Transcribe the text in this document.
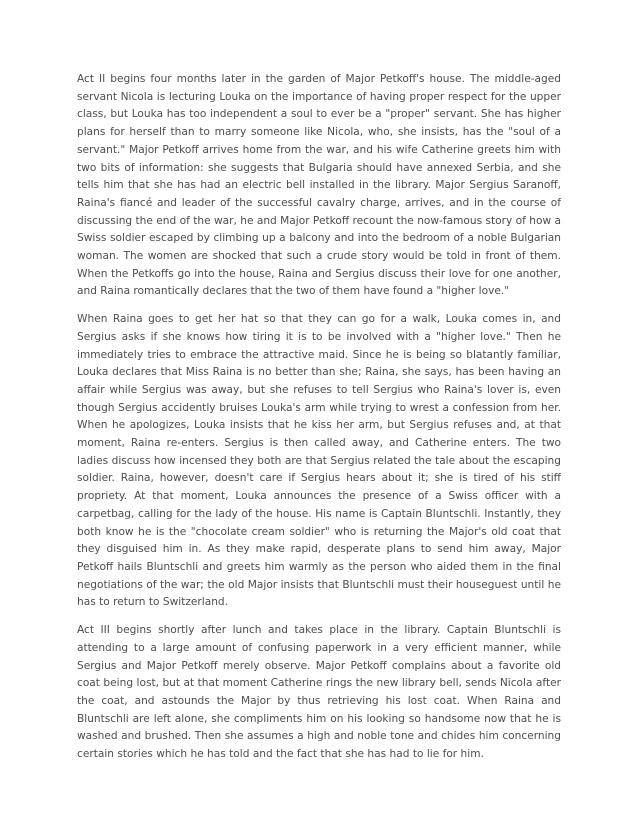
Act II begins four months later in the garden of Major Petkoff's house. The middle-aged servant Nicola is lecturing Louka on the importance of having proper respect for the upper class, but Louka has too independent a soul to ever be a "proper" servant. She has higher plans for herself than to marry someone like Nicola, who, she insists, has the "soul of a servant." Major Petkoff arrives home from the war, and his wife Catherine greets him with two bits of information: she suggests that Bulgaria should have annexed Serbia, and she tells him that she has had an electric bell installed in the library. Major Sergius Saranoff, Raina's fiancé and leader of the successful cavalry charge, arrives, and in the course of discussing the end of the war, he and Major Petkoff recount the now-famous story of how a Swiss soldier escaped by climbing up a balcony and into the bedroom of a noble Bulgarian woman. The women are shocked that such a crude story would be told in front of them. When the Petkoffs go into the house, Raina and Sergius discuss their love for one another, and Raina romantically declares that the two of them have found a "higher love."

When Raina goes to get her hat so that they can go for a walk, Louka comes in, and Sergius asks if she knows how tiring it is to be involved with a "higher love." Then he immediately tries to embrace the attractive maid. Since he is being so blatantly familiar, Louka declares that Miss Raina is no better than she; Raina, she says, has been having an affair while Sergius was away, but she refuses to tell Sergius who Raina's lover is, even though Sergius accidently bruises Louka's arm while trying to wrest a confession from her. When he apologizes, Louka insists that he kiss her arm, but Sergius refuses and, at that moment, Raina re-enters. Sergius is then called away, and Catherine enters. The two ladies discuss how incensed they both are that Sergius related the tale about the escaping soldier. Raina, however, doesn't care if Sergius hears about it; she is tired of his stiff propriety. At that moment, Louka announces the presence of a Swiss officer with a carpetbag, calling for the lady of the house. His name is Captain Bluntschli. Instantly, they both know he is the "chocolate cream soldier" who is returning the Major's old coat that they disguised him in. As they make rapid, desperate plans to send him away, Major Petkoff hails Bluntschli and greets him warmly as the person who aided them in the final negotiations of the war; the old Major insists that Bluntschli must their houseguest until he has to return to Switzerland.

Act III begins shortly after lunch and takes place in the library. Captain Bluntschli is attending to a large amount of confusing paperwork in a very efficient manner, while Sergius and Major Petkoff merely observe. Major Petkoff complains about a favorite old coat being lost, but at that moment Catherine rings the new library bell, sends Nicola after the coat, and astounds the Major by thus retrieving his lost coat. When Raina and Bluntschli are left alone, she compliments him on his looking so handsome now that he is washed and brushed. Then she assumes a high and noble tone and chides him concerning certain stories which he has told and the fact that she has had to lie for him.
